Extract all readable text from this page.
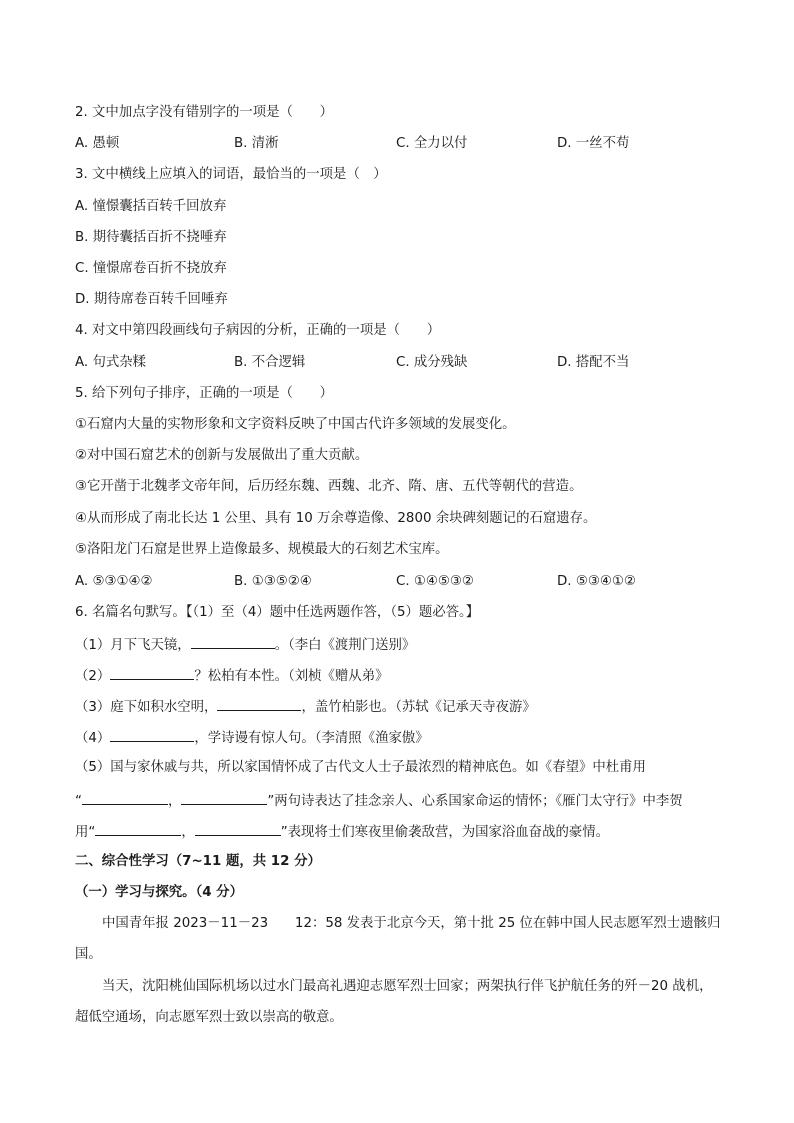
2. 文中加点字没有错别字的一项是（　　）
A. 愚顿	B. 清淅	C. 全力以付	D. 一丝不苟
3. 文中横线上应填入的词语，最恰当的一项是（　）
A. 憧憬囊括百转千回放弃
B. 期待囊括百折不挠唾弃
C. 憧憬席卷百折不挠放弃
D. 期待席卷百转千回唾弃
4. 对文中第四段画线句子病因的分析，正确的一项是（　　）
A. 句式杂糅	B. 不合逻辑	C. 成分残缺	D. 搭配不当
5. 给下列句子排序，正确的一项是（　　）
①石窟内大量的实物形象和文字资料反映了中国古代许多领域的发展变化。
②对中国石窟艺术的创新与发展做出了重大贡献。
③它开凿于北魏孝文帝年间，后历经东魏、西魏、北齐、隋、唐、五代等朝代的营造。
④从而形成了南北长达 1 公里、具有 10 万余尊造像、2800 余块碑刻题记的石窟遗存。
⑤洛阳龙门石窟是世界上造像最多、规模最大的石刻艺术宝库。
A. ⑤③①④②	B. ①③⑤②④	C. ①④⑤③②	D. ⑤③④①②
6. 名篇名句默写。【（1）至（4）题中任选两题作答，（5）题必答。】
（1）月下飞天镜，	。（李白《渡荆门送别》
（2）	？松柏有本性。（刘桢《赠从弟》
（3）庭下如积水空明，	，盖竹柏影也。（苏轼《记承天寺夜游》
（4）	，学诗谩有惊人句。（李清照《渔家傲》
（5）国与家休戚与共，所以家国情怀成了古代文人士子最浓烈的精神底色。如《春望》中杜甫用
“	，	”两句诗表达了挂念亲人、心系国家命运的情怀；《雁门太守行》中李贺
用“	，	”表现将士们寒夜里偷袭敌营，为国家浴血奋战的豪情。
二、综合性学习（7~11 题，共 12 分）
（一）学习与探究。（4 分）
中国青年报 2023－11－23　　12：58 发表于北京今天，第十批 25 位在韩中国人民志愿军烈士遗骸归
国。
当天，沈阳桃仙国际机场以过水门最高礼遇迎志愿军烈士回家；两架执行伴飞护航任务的歼－20 战机，
超低空通场，向志愿军烈士致以崇高的敬意。
